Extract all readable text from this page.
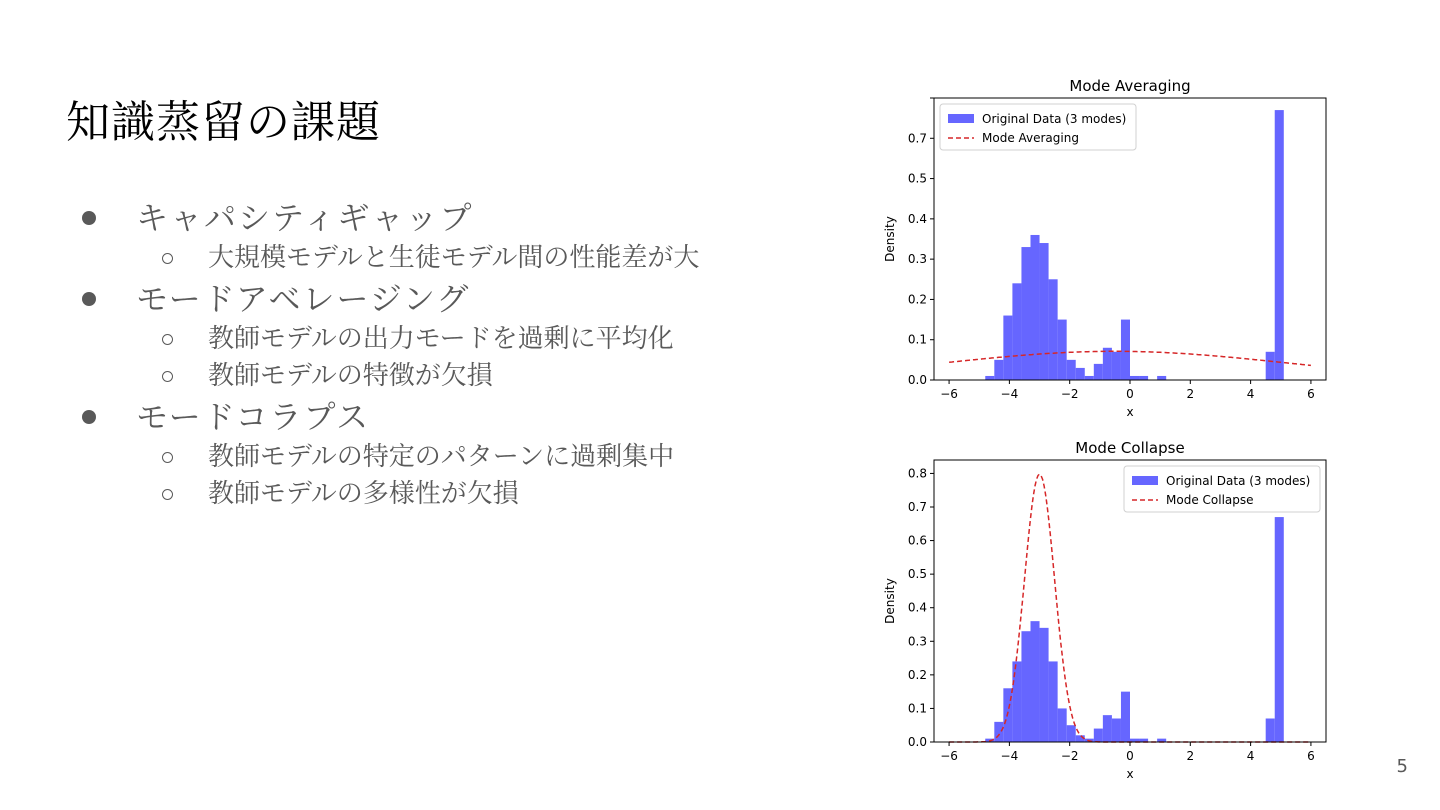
知識蒸留の課題
キャパシティギャップ
大規模モデルと生徒モデル間の性能差が大
モードアベレージング
教師モデルの出力モードを過剰に平均化
教師モデルの特徴が欠損
モードコラプス
教師モデルの特定のパターンに過剰集中
教師モデルの多様性が欠損
Mode Averaging
−6	−4	−2	0	2	4	6
0.0
0.1
0.2
0.3
0.4
0.5
0.7
x
Density
Original Data (3 modes)
Mode Averaging
Mode Collapse
−6	−4	−2	0	2	4	6
0.0
0.1
0.2
0.3
0.4
0.5
0.6
0.7
0.8
x
Density
Original Data (3 modes)
Mode Collapse
5
